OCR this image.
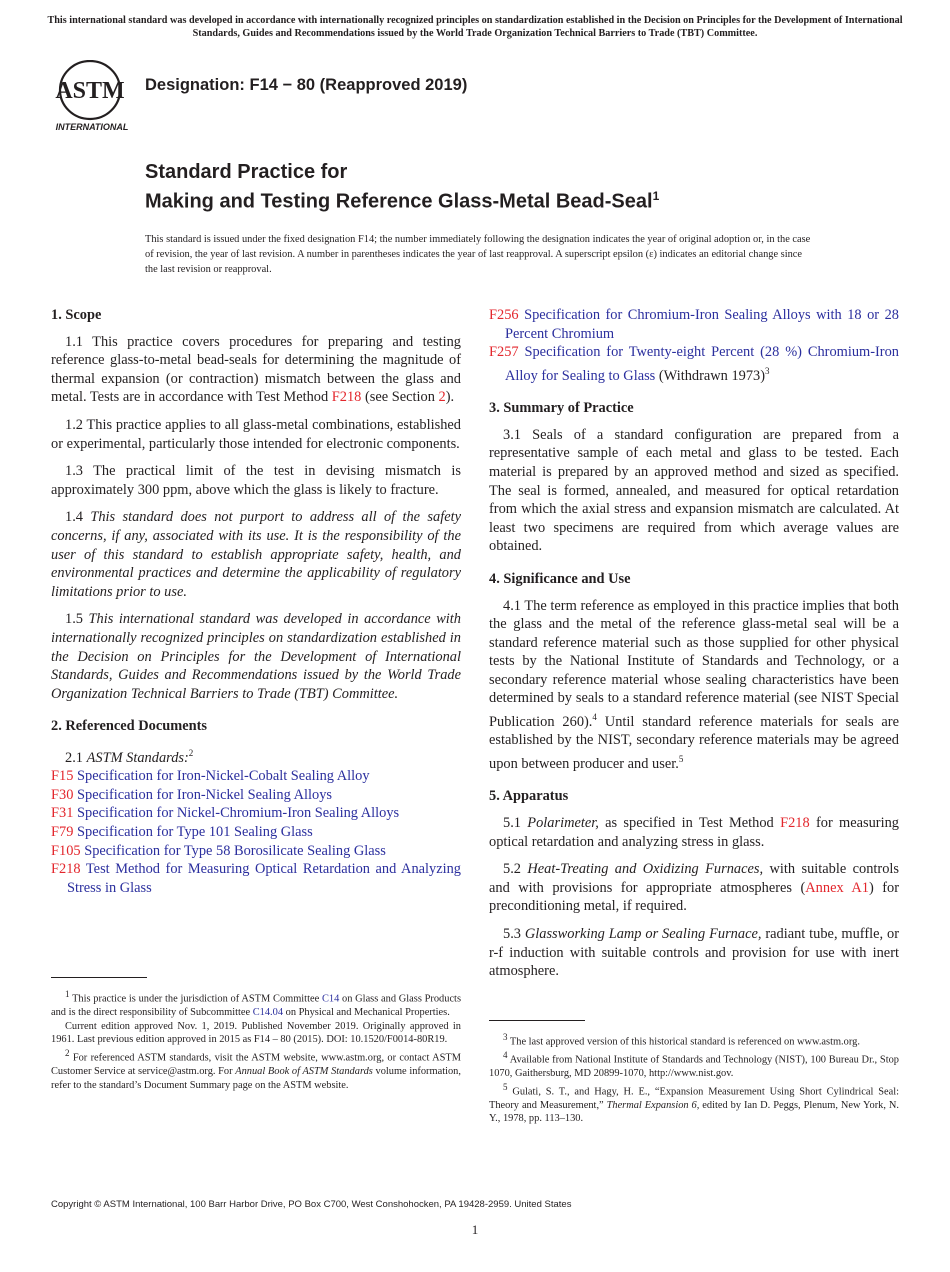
This international standard was developed in accordance with internationally recognized principles on standardization established in the Decision on Principles for the Development of International Standards, Guides and Recommendations issued by the World Trade Organization Technical Barriers to Trade (TBT) Committee.
ASTM
INTERNATIONAL
Designation: F14 − 80 (Reapproved 2019)
Standard Practice for
Making and Testing Reference Glass-Metal Bead-Seal$^1$
This standard is issued under the fixed designation F14; the number immediately following the designation indicates the year of original adoption or, in the case of revision, the year of last revision. A number in parentheses indicates the year of last reapproval. A superscript epsilon (ε) indicates an editorial change since the last revision or reapproval.
1. Scope

1.1 This practice covers procedures for preparing and testing reference glass-to-metal bead-seals for determining the magnitude of thermal expansion (or contraction) mismatch between the glass and metal. Tests are in accordance with Test Method F218 (see Section 2).

1.2 This practice applies to all glass-metal combinations, established or experimental, particularly those intended for electronic components.

1.3 The practical limit of the test in devising mismatch is approximately 300 ppm, above which the glass is likely to fracture.

1.4 This standard does not purport to address all of the safety concerns, if any, associated with its use. It is the responsibility of the user of this standard to establish appropriate safety, health, and environmental practices and determine the applicability of regulatory limitations prior to use.

1.5 This international standard was developed in accordance with internationally recognized principles on standardization established in the Decision on Principles for the Development of International Standards, Guides and Recommendations issued by the World Trade Organization Technical Barriers to Trade (TBT) Committee.

2. Referenced Documents

2.1 ASTM Standards:$^2$

F15 Specification for Iron-Nickel-Cobalt Sealing Alloy
F30 Specification for Iron-Nickel Sealing Alloys
F31 Specification for Nickel-Chromium-Iron Sealing Alloys
F79 Specification for Type 101 Sealing Glass
F105 Specification for Type 58 Borosilicate Sealing Glass
F218 Test Method for Measuring Optical Retardation and Analyzing Stress in Glass

$^1$ This practice is under the jurisdiction of ASTM Committee C14 on Glass and Glass Products and is the direct responsibility of Subcommittee C14.04 on Physical and Mechanical Properties.

Current edition approved Nov. 1, 2019. Published November 2019. Originally approved in 1961. Last previous edition approved in 2015 as F14 – 80 (2015). DOI: 10.1520/F0014-80R19.

$^2$ For referenced ASTM standards, visit the ASTM website, www.astm.org, or contact ASTM Customer Service at service@astm.org. For Annual Book of ASTM Standards volume information, refer to the standard’s Document Summary page on the ASTM website.

F256 Specification for Chromium-Iron Sealing Alloys with 18 or 28 Percent Chromium
F257 Specification for Twenty-eight Percent (28 %) Chromium-Iron Alloy for Sealing to Glass (Withdrawn 1973)$^3$
3. Summary of Practice

3.1 Seals of a standard configuration are prepared from a representative sample of each metal and glass to be tested. Each material is prepared by an approved method and sized as specified. The seal is formed, annealed, and measured for optical retardation from which the axial stress and expansion mismatch are calculated. At least two specimens are required from which average values are obtained.

4. Significance and Use

4.1 The term reference as employed in this practice implies that both the glass and the metal of the reference glass-metal seal will be a standard reference material such as those supplied for other physical tests by the National Institute of Standards and Technology, or a secondary reference material whose sealing characteristics have been determined by seals to a standard reference material (see NIST Special Publication 260).$^4$ Until standard reference materials for seals are established by the NIST, secondary reference materials may be agreed upon between producer and user.$^5$

5. Apparatus

5.1 Polarimeter, as specified in Test Method F218 for measuring optical retardation and analyzing stress in glass.

5.2 Heat-Treating and Oxidizing Furnaces, with suitable controls and with provisions for appropriate atmospheres (Annex A1) for preconditioning metal, if required.

5.3 Glassworking Lamp or Sealing Furnace, radiant tube, muffle, or r-f induction with suitable controls and provision for use with inert atmosphere.

$^3$ The last approved version of this historical standard is referenced on www.astm.org.

$^4$ Available from National Institute of Standards and Technology (NIST), 100 Bureau Dr., Stop 1070, Gaithersburg, MD 20899-1070, http://www.nist.gov.

$^5$ Gulati, S. T., and Hagy, H. E., “Expansion Measurement Using Short Cylindrical Seal: Theory and Measurement,” Thermal Expansion 6, edited by Ian D. Peggs, Plenum, New York, N. Y., 1978, pp. 113–130.

Copyright © ASTM International, 100 Barr Harbor Drive, PO Box C700, West Conshohocken, PA 19428-2959. United States
1
